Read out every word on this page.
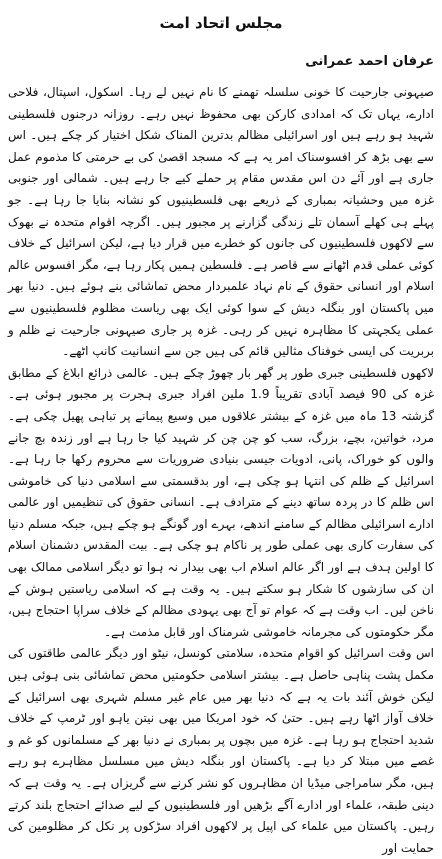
مجلس اتحاد امت
عرفان احمد عمرانی

صیہونی جارحیت کا خونی سلسلہ تھمنے کا نام نہیں لے رہا۔ اسکول، اسپتال، فلاحی ادارے، یہاں تک کہ امدادی کارکن بھی محفوظ نہیں رہے۔ روزانہ درجنوں فلسطینی شہید ہو رہے ہیں اور اسرائیلی مظالم بدترین المناک شکل اختیار کر چکے ہیں۔ اس سے بھی بڑھ کر افسوسناک امر یہ ہے کہ مسجد اقصیٰ کی بے حرمتی کا مذموم عمل جاری ہے اور آئے دن اس مقدس مقام پر حملے کیے جا رہے ہیں۔ شمالی اور جنوبی غزہ میں وحشیانہ بمباری کے ذریعے بھی فلسطینیوں کو نشانہ بنایا جا رہا ہے۔ جو پہلے ہی کھلے آسمان تلے زندگی گزارنے پر مجبور ہیں۔ اگرچہ اقوام متحدہ نے بھوک سے لاکھوں فلسطینیوں کی جانوں کو خطرے میں قرار دیا ہے، لیکن اسرائیل کے خلاف کوئی عملی قدم اٹھانے سے قاصر ہے۔ فلسطین ہمیں پکار رہا ہے، مگر افسوس عالم اسلام اور انسانی حقوق کے نام نہاد علمبردار محض تماشائی بنے ہوئے ہیں۔ دنیا بھر میں پاکستان اور بنگلہ دیش کے سوا کوئی ایک بھی ریاست مظلوم فلسطینیوں سے عملی یکجہتی کا مظاہرہ نہیں کر رہی۔ غزہ پر جاری صیہونی جارحیت نے ظلم و بربریت کی ایسی خوفناک مثالیں قائم کی ہیں جن سے انسانیت کانپ اٹھے۔

لاکھوں فلسطینی جبری طور پر گھر بار چھوڑ چکے ہیں۔ عالمی ذرائع ابلاغ کے مطابق غزہ کی 90 فیصد آبادی تقریباً 1.9 ملین افراد جبری ہجرت پر مجبور ہوئی ہے۔ گزشتہ 13 ماہ میں غزہ کے بیشتر علاقوں میں وسیع پیمانے پر تباہی پھیل چکی ہے۔ مرد، خواتین، بچے، بزرگ، سب کو چن چن کر شہید کیا جا رہا ہے اور زندہ بچ جانے والوں کو خوراک، پانی، ادویات جیسی بنیادی ضروریات سے محروم رکھا جا رہا ہے۔ اسرائیل کے ظلم کی انتہا ہو چکی ہے، اور بدقسمتی سے اسلامی دنیا کی خاموشی اس ظلم کا در پردہ ساتھ دینے کے مترادف ہے۔ انسانی حقوق کی تنظیمیں اور عالمی ادارے اسرائیلی مظالم کے سامنے اندھے، بہرے اور گونگے ہو چکے ہیں، جبکہ مسلم دنیا کی سفارت کاری بھی عملی طور پر ناکام ہو چکی ہے۔ بیت المقدس دشمنان اسلام کا اولین ہدف ہے اور اگر عالم اسلام اب بھی بیدار نہ ہوا تو دیگر اسلامی ممالک بھی ان کی سازشوں کا شکار ہو سکتے ہیں۔ یہ وقت ہے کہ اسلامی ریاستیں ہوش کے ناخن لیں۔ اب وقت ہے کہ عوام تو آج بھی یہودی مظالم کے خلاف سراپا احتجاج ہیں، مگر حکومتوں کی مجرمانہ خاموشی شرمناک اور قابل مذمت ہے۔

اس وقت اسرائیل کو اقوام متحدہ، سلامتی کونسل، نیٹو اور دیگر عالمی طاقتوں کی مکمل پشت پناہی حاصل ہے۔ بیشتر اسلامی حکومتیں محض تماشائی بنی ہوئی ہیں لیکن خوش آئند بات یہ ہے کہ دنیا بھر میں عام غیر مسلم شہری بھی اسرائیل کے خلاف آواز اٹھا رہے ہیں۔ حتیٰ کہ خود امریکا میں بھی نیتن یاہو اور ٹرمپ کے خلاف شدید احتجاج ہو رہا ہے۔ غزہ میں بچوں پر بمباری نے دنیا بھر کے مسلمانوں کو غم و غصے میں مبتلا کر دیا ہے۔ پاکستان اور بنگلہ دیش میں مسلسل مظاہرے ہو رہے ہیں، مگر سامراجی میڈیا ان مظاہروں کو نشر کرنے سے گریزاں ہے۔ یہ وقت ہے کہ دینی طبقہ، علماء اور ادارے آگے بڑھیں اور فلسطینیوں کے لیے صدائے احتجاج بلند کرتے رہیں۔ پاکستان میں علماء کی اپیل پر لاکھوں افراد سڑکوں پر نکل کر مظلومین کی حمایت اور
